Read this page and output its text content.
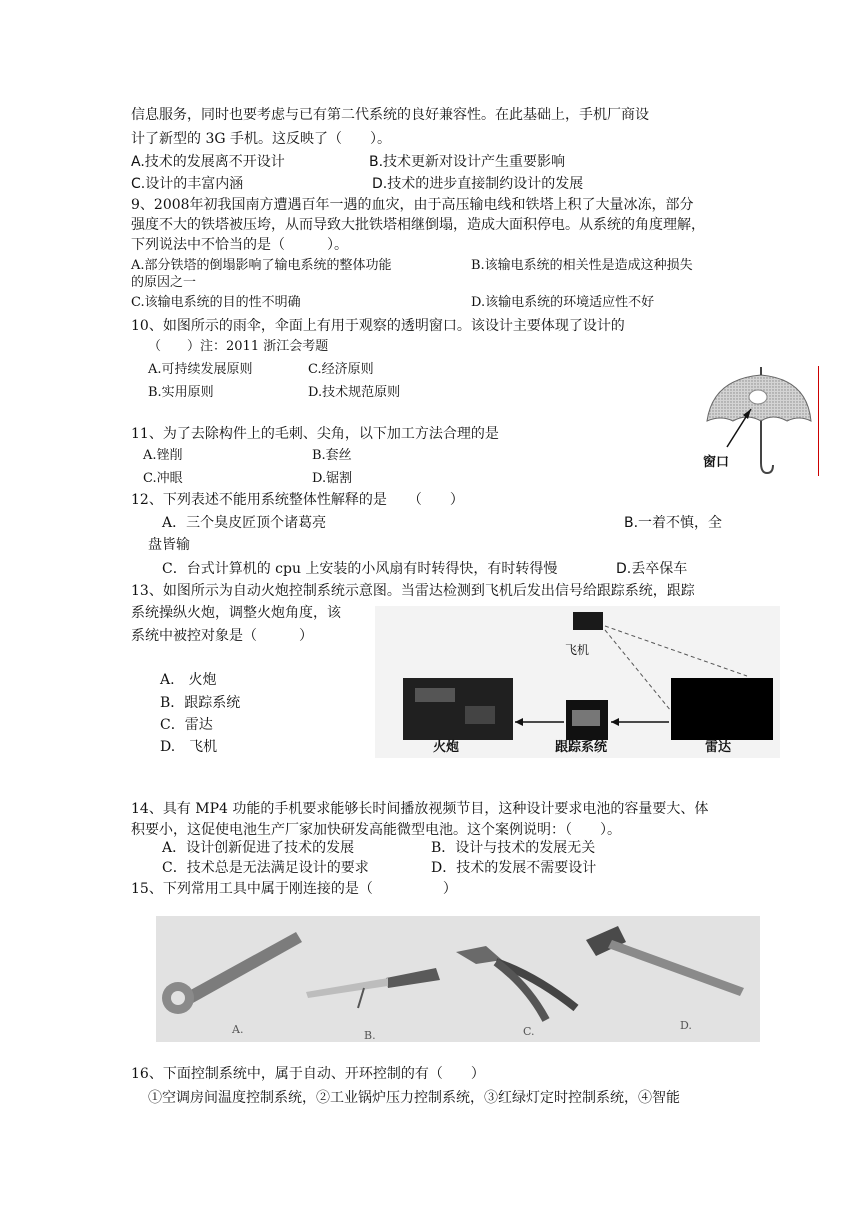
信息服务，同时也要考虑与已有第二代系统的良好兼容性。在此基础上，手机厂商设
计了新型的 3G 手机。这反映了（　　）。
A.技术的发展离不开设计	B.技术更新对设计产生重要影响
C.设计的丰富内涵	D.技术的进步直接制约设计的发展
9、2008年初我国南方遭遇百年一遇的血灾，由于高压输电线和铁塔上积了大量冰冻，部分
强度不大的铁塔被压垮，从而导致大批铁塔相继倒塌，造成大面积停电。从系统的角度理解，
下列说法中不恰当的是（　　　）。
A.部分铁塔的倒塌影响了输电系统的整体功能	B.该输电系统的相关性是造成这种损失
的原因之一
C.该输电系统的目的性不明确	D.该输电系统的环境适应性不好
10、如图所示的雨伞，伞面上有用于观察的透明窗口。该设计主要体现了设计的
（　　）注：2011 浙江会考题
A.可持续发展原则	C.经济原则
B.实用原则	D.技术规范原则
窗口
11、为了去除构件上的毛刺、尖角，以下加工方法合理的是
A.锉削	B.套丝
C.冲眼	D.锯割
12、下列表述不能用系统整体性解释的是　　（　　）
A．三个臭皮匠顶个诸葛亮	B.一着不慎，全
盘皆输
C．台式计算机的 cpu 上安装的小风扇有时转得快，有时转得慢	D.丢卒保车
13、如图所示为自动火炮控制系统示意图。当雷达检测到飞机后发出信号给跟踪系统，跟踪
系统操纵火炮，调整火炮角度，该
系统中被控对象是（　　　）
A.　火炮
B．跟踪系统
C．雷达
D.　飞机
飞机
火炮	跟踪系统	雷达
14、具有 MP4 功能的手机要求能够长时间播放视频节目，这种设计要求电池的容量要大、体
积要小，这促使电池生产厂家加快研发高能微型电池。这个案例说明：（　　）。
A．设计创新促进了技术的发展	B．设计与技术的发展无关
C．技术总是无法满足设计的要求	D．技术的发展不需要设计
15、下列常用工具中属于刚连接的是（　　　　　）
A.	B.	C.	D.
16、下面控制系统中，属于自动、开环控制的有（　　）
①空调房间温度控制系统，②工业锅炉压力控制系统，③红绿灯定时控制系统，④智能
